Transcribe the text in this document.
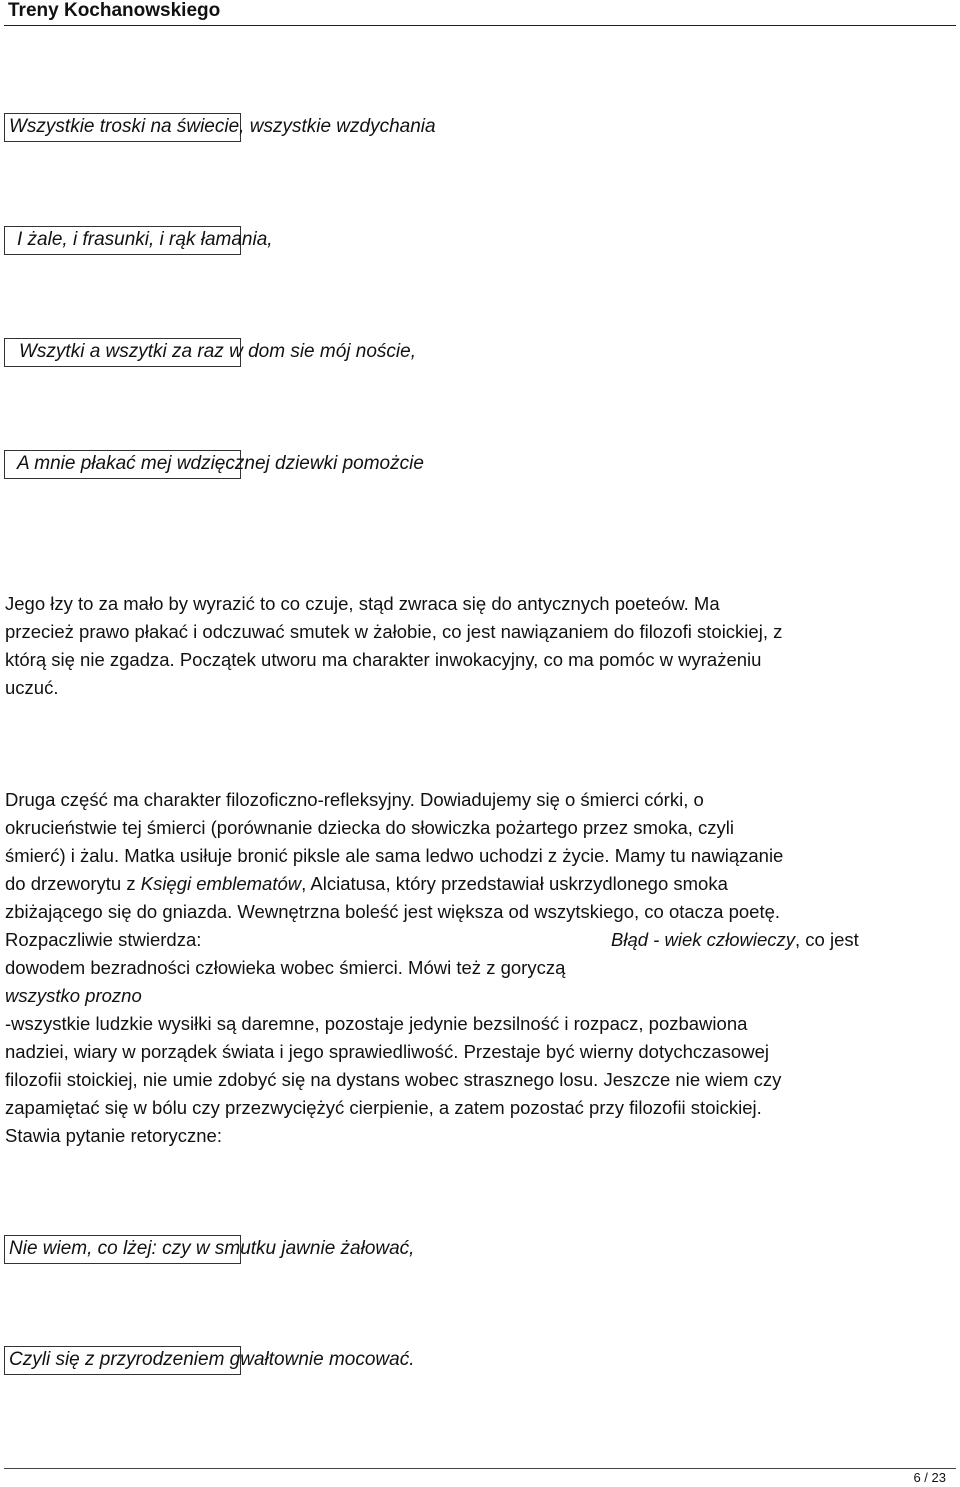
Treny Kochanowskiego
Wszystkie troski na świecie, wszystkie wzdychania
I żale, i frasunki, i rąk łamania,
Wszytki a wszytki za raz w dom sie mój noście,
A mnie płakać mej wdzięcznej dziewki pomożcie
Jego łzy to za mało by wyrazić to co czuje, stąd zwraca się do antycznych poeteów. Ma
przecież prawo płakać i odczuwać smutek w żałobie, co jest nawiązaniem do filozofi stoickiej, z
którą się nie zgadza. Początek utworu ma charakter inwokacyjny, co ma pomóc w wyrażeniu
uczuć.
Druga część ma charakter filozoficzno-refleksyjny. Dowiadujemy się o śmierci córki, o
okrucieństwie tej śmierci (porównanie dziecka do słowiczka pożartego przez smoka, czyli
śmierć) i żalu. Matka usiłuje bronić piksle ale sama ledwo uchodzi z życie. Mamy tu nawiązanie
do drzeworytu z Księgi emblematów, Alciatusa, który przedstawiał uskrzydlonego smoka
zbiżającego się do gniazda. Wewnętrzna boleść jest większa od wszytskiego, co otacza poetę.
Rozpaczliwie stwierdza:	Błąd - wiek człowieczy, co jest
dowodem bezradności człowieka wobec śmierci. Mówi też z goryczą
wszystko prozno
-wszystkie ludzkie wysiłki są daremne, pozostaje jedynie bezsilność i rozpacz, pozbawiona
nadziei, wiary w porządek świata i jego sprawiedliwość. Przestaje być wierny dotychczasowej
filozofii stoickiej, nie umie zdobyć się na dystans wobec strasznego losu. Jeszcze nie wiem czy
zapamiętać się w bólu czy przezwyciężyć cierpienie, a zatem pozostać przy filozofii stoickiej.
Stawia pytanie retoryczne:
Nie wiem, co lżej: czy w smutku jawnie żałować,
Czyli się z przyrodzeniem gwałtownie mocować.
6 / 23
